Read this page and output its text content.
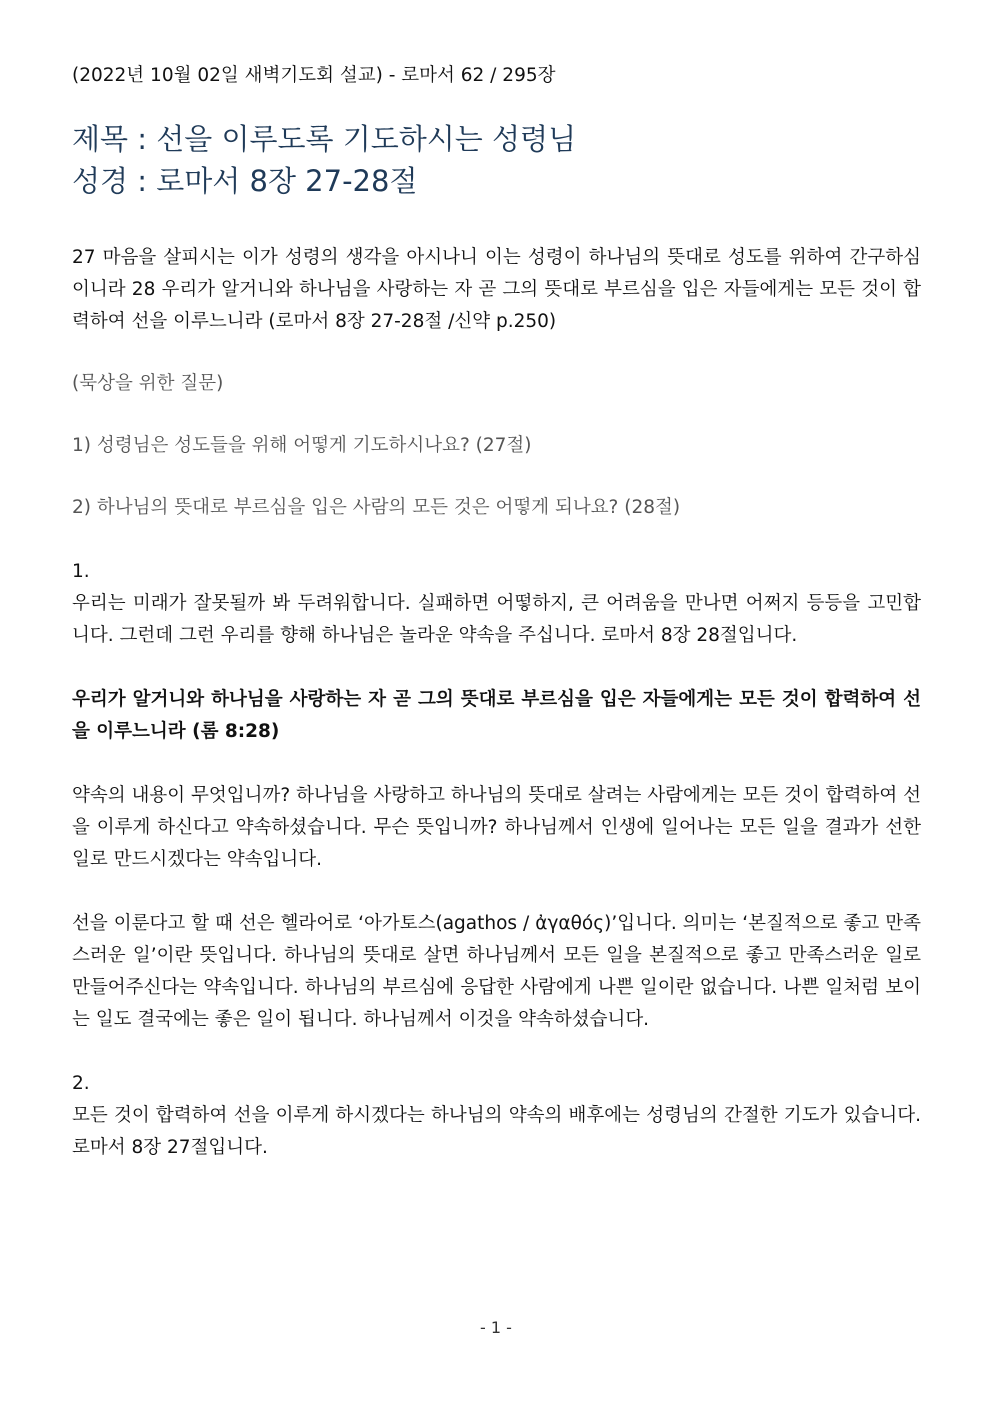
(2022년 10월 02일 새벽기도회 설교) - 로마서 62 / 295장

제목 : 선을 이루도록 기도하시는 성령님

성경 : 로마서 8장 27-28절

27 마음을 살피시는 이가 성령의 생각을 아시나니 이는 성령이 하나님의 뜻대로 성도를 위하여 간구하심이니라 28 우리가 알거니와 하나님을 사랑하는 자 곧 그의 뜻대로 부르심을 입은 자들에게는 모든 것이 합력하여 선을 이루느니라 (로마서 8장 27-28절 /신약 p.250)

(묵상을 위한 질문)

1) 성령님은 성도들을 위해 어떻게 기도하시나요? (27절)

2) 하나님의 뜻대로 부르심을 입은 사람의 모든 것은 어떻게 되나요? (28절)

1.

우리는 미래가 잘못될까 봐 두려워합니다. 실패하면 어떻하지, 큰 어려움을 만나면 어쩌지 등등을 고민합니다. 그런데 그런 우리를 향해 하나님은 놀라운 약속을 주십니다. 로마서 8장 28절입니다.

우리가 알거니와 하나님을 사랑하는 자 곧 그의 뜻대로 부르심을 입은 자들에게는 모든 것이 합력하여 선을 이루느니라 (롬 8:28)

약속의 내용이 무엇입니까? 하나님을 사랑하고 하나님의 뜻대로 살려는 사람에게는 모든 것이 합력하여 선을 이루게 하신다고 약속하셨습니다. 무슨 뜻입니까? 하나님께서 인생에 일어나는 모든 일을 결과가 선한 일로 만드시겠다는 약속입니다.

선을 이룬다고 할 때 선은 헬라어로 ‘아가토스(agathos / ἀγαθός)’입니다. 의미는 ‘본질적으로 좋고 만족스러운 일’이란 뜻입니다. 하나님의 뜻대로 살면 하나님께서 모든 일을 본질적으로 좋고 만족스러운 일로 만들어주신다는 약속입니다. 하나님의 부르심에 응답한 사람에게 나쁜 일이란 없습니다. 나쁜 일처럼 보이는 일도 결국에는 좋은 일이 됩니다. 하나님께서 이것을 약속하셨습니다.

2.

모든 것이 합력하여 선을 이루게 하시겠다는 하나님의 약속의 배후에는 성령님의 간절한 기도가 있습니다. 로마서 8장 27절입니다.

- 1 -
